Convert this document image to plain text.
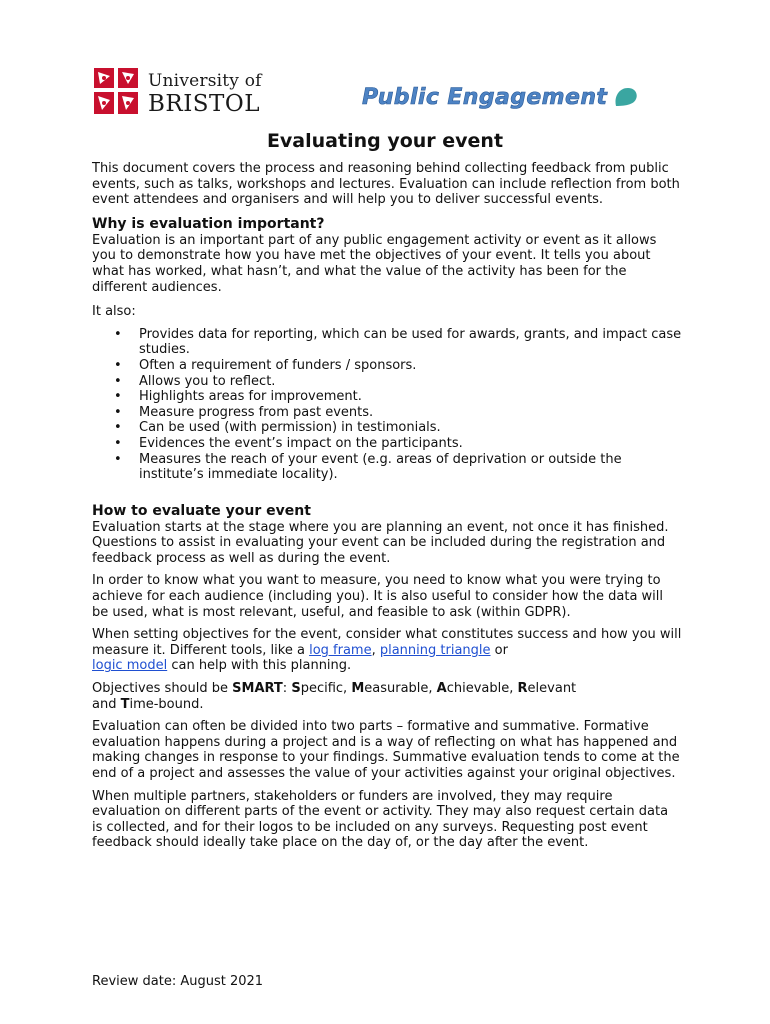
University of
BRISTOL	Public Engagement
Evaluating your event

This document covers the process and reasoning behind collecting feedback from public events, such as talks, workshops and lectures. Evaluation can include reflection from both event attendees and organisers and will help you to deliver successful events.

Why is evaluation important?

Evaluation is an important part of any public engagement activity or event as it allows you to demonstrate how you have met the objectives of your event. It tells you about what has worked, what hasn’t, and what the value of the activity has been for the different audiences.

It also:

• Provides data for reporting, which can be used for awards, grants, and impact case studies.
• Often a requirement of funders / sponsors.
• Allows you to reflect.
• Highlights areas for improvement.
• Measure progress from past events.
• Can be used (with permission) in testimonials.
• Evidences the event’s impact on the participants.
• Measures the reach of your event (e.g. areas of deprivation or outside the institute’s immediate locality).
How to evaluate your event

Evaluation starts at the stage where you are planning an event, not once it has finished. Questions to assist in evaluating your event can be included during the registration and feedback process as well as during the event.

In order to know what you want to measure, you need to know what you were trying to achieve for each audience (including you). It is also useful to consider how the data will be used, what is most relevant, useful, and feasible to ask (within GDPR).

When setting objectives for the event, consider what constitutes success and how you will measure it. Different tools, like a log frame, planning triangle or
logic model can help with this planning.

Objectives should be SMART: Specific, Measurable, Achievable, Relevant
and Time-bound.

Evaluation can often be divided into two parts – formative and summative. Formative evaluation happens during a project and is a way of reflecting on what has happened and making changes in response to your findings. Summative evaluation tends to come at the end of a project and assesses the value of your activities against your original objectives.

When multiple partners, stakeholders or funders are involved, they may require evaluation on different parts of the event or activity. They may also request certain data is collected, and for their logos to be included on any surveys. Requesting post event feedback should ideally take place on the day of, or the day after the event.

Review date: August 2021
